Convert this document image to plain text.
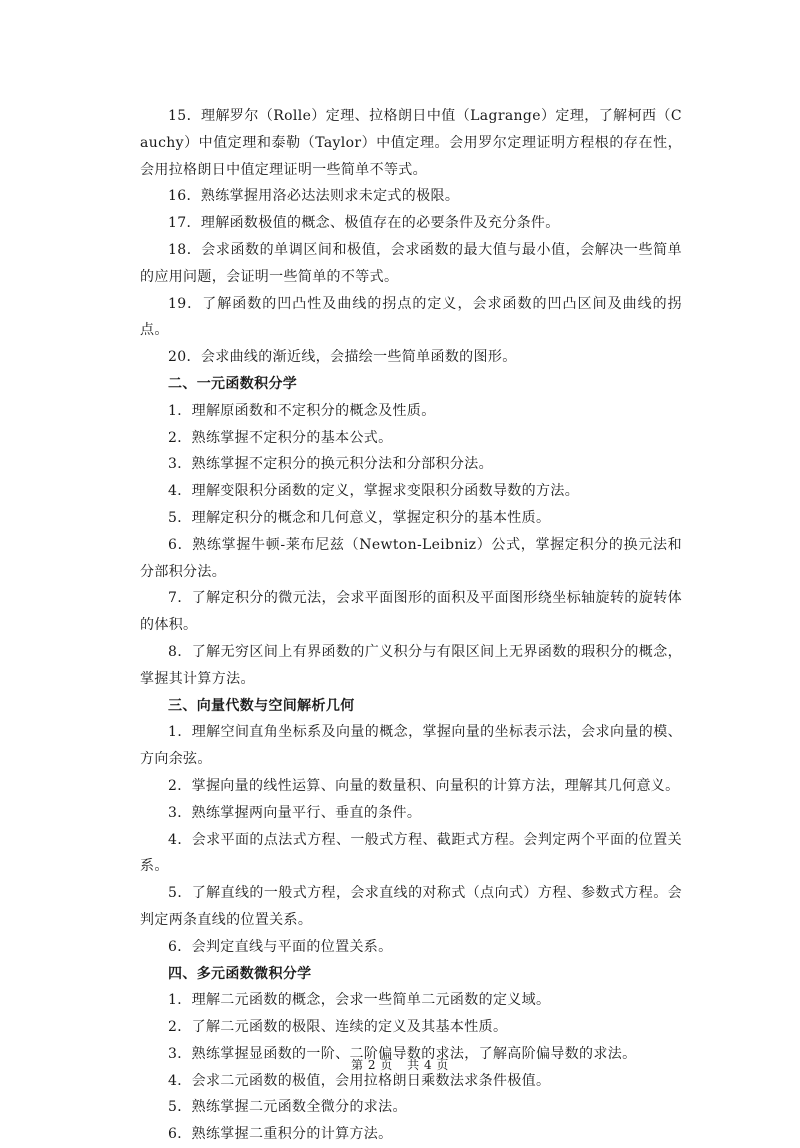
15．理解罗尔（Rolle）定理、拉格朗日中值（Lagrange）定理，了解柯西（Cauchy）中值定理和泰勒（Taylor）中值定理。会用罗尔定理证明方程根的存在性，会用拉格朗日中值定理证明一些简单不等式。

16．熟练掌握用洛必达法则求未定式的极限。

17．理解函数极值的概念、极值存在的必要条件及充分条件。

18．会求函数的单调区间和极值，会求函数的最大值与最小值，会解决一些简单的应用问题，会证明一些简单的不等式。

19．了解函数的凹凸性及曲线的拐点的定义，会求函数的凹凸区间及曲线的拐点。

20．会求曲线的渐近线，会描绘一些简单函数的图形。

二、一元函数积分学

1．理解原函数和不定积分的概念及性质。

2．熟练掌握不定积分的基本公式。

3．熟练掌握不定积分的换元积分法和分部积分法。

4．理解变限积分函数的定义，掌握求变限积分函数导数的方法。

5．理解定积分的概念和几何意义，掌握定积分的基本性质。

6．熟练掌握牛顿-莱布尼兹（Newton-Leibniz）公式，掌握定积分的换元法和分部积分法。

7．了解定积分的微元法，会求平面图形的面积及平面图形绕坐标轴旋转的旋转体的体积。

8．了解无穷区间上有界函数的广义积分与有限区间上无界函数的瑕积分的概念，掌握其计算方法。

三、向量代数与空间解析几何

1．理解空间直角坐标系及向量的概念，掌握向量的坐标表示法，会求向量的模、方向余弦。

2．掌握向量的线性运算、向量的数量积、向量积的计算方法，理解其几何意义。

3．熟练掌握两向量平行、垂直的条件。

4．会求平面的点法式方程、一般式方程、截距式方程。会判定两个平面的位置关系。

5．了解直线的一般式方程，会求直线的对称式（点向式）方程、参数式方程。会判定两条直线的位置关系。

6．会判定直线与平面的位置关系。

四、多元函数微积分学

1．理解二元函数的概念，会求一些简单二元函数的定义域。

2．了解二元函数的极限、连续的定义及其基本性质。

3．熟练掌握显函数的一阶、二阶偏导数的求法，了解高阶偏导数的求法。

4．会求二元函数的极值，会用拉格朗日乘数法求条件极值。

5．熟练掌握二元函数全微分的求法。

6．熟练掌握二重积分的计算方法。

第 2 页 共 4 页
